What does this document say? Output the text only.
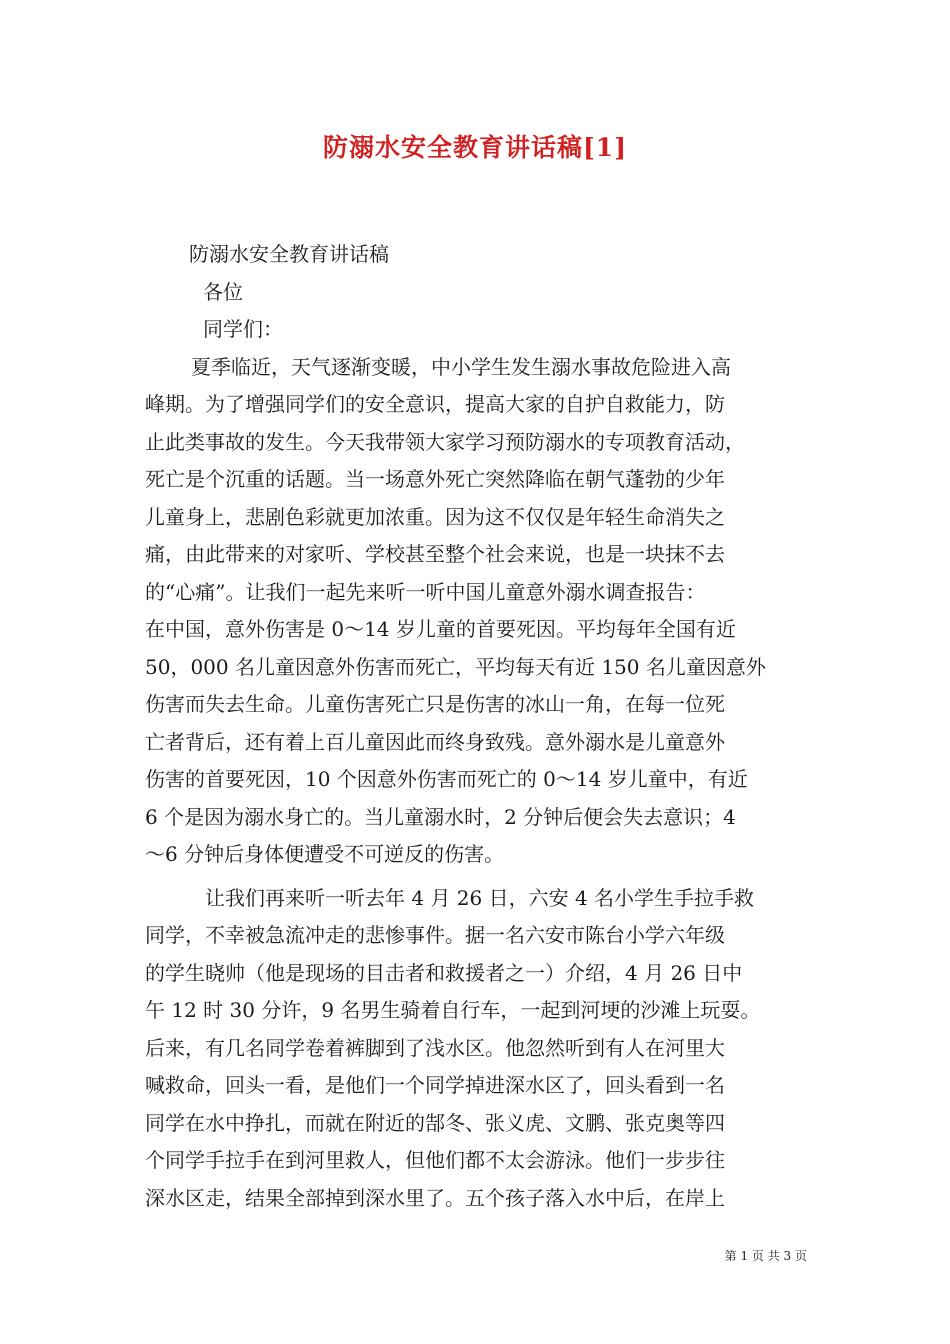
防溺水安全教育讲话稿[1]
防溺水安全教育讲话稿
各位
同学们：
夏季临近，天气逐渐变暖，中小学生发生溺水事故危险进入高
峰期。为了增强同学们的安全意识，提高大家的自护自救能力，防
止此类事故的发生。今天我带领大家学习预防溺水的专项教育活动，
死亡是个沉重的话题。当一场意外死亡突然降临在朝气蓬勃的少年
儿童身上，悲剧色彩就更加浓重。因为这不仅仅是年轻生命消失之
痛，由此带来的对家听、学校甚至整个社会来说，也是一块抹不去
的“心痛”。让我们一起先来听一听中国儿童意外溺水调查报告：
在中国，意外伤害是 0～14 岁儿童的首要死因。平均每年全国有近
50，000 名儿童因意外伤害而死亡，平均每天有近 150 名儿童因意外
伤害而失去生命。儿童伤害死亡只是伤害的冰山一角，在每一位死
亡者背后，还有着上百儿童因此而终身致残。意外溺水是儿童意外
伤害的首要死因，10 个因意外伤害而死亡的 0～14 岁儿童中，有近
6 个是因为溺水身亡的。当儿童溺水时，2 分钟后便会失去意识；4
～6 分钟后身体便遭受不可逆反的伤害。
让我们再来听一听去年 4 月 26 日，六安 4 名小学生手拉手救
同学，不幸被急流冲走的悲惨事件。据一名六安市陈台小学六年级
的学生晓帅（他是现场的目击者和救援者之一）介绍，4 月 26 日中
午 12 时 30 分许，9 名男生骑着自行车，一起到河埂的沙滩上玩耍。
后来，有几名同学卷着裤脚到了浅水区。他忽然听到有人在河里大
喊救命，回头一看，是他们一个同学掉进深水区了，回头看到一名
同学在水中挣扎，而就在附近的郜冬、张义虎、文鹏、张克奥等四
个同学手拉手在到河里救人，但他们都不太会游泳。他们一步步往
深水区走，结果全部掉到深水里了。五个孩子落入水中后，在岸上
第 1 页 共 3 页
